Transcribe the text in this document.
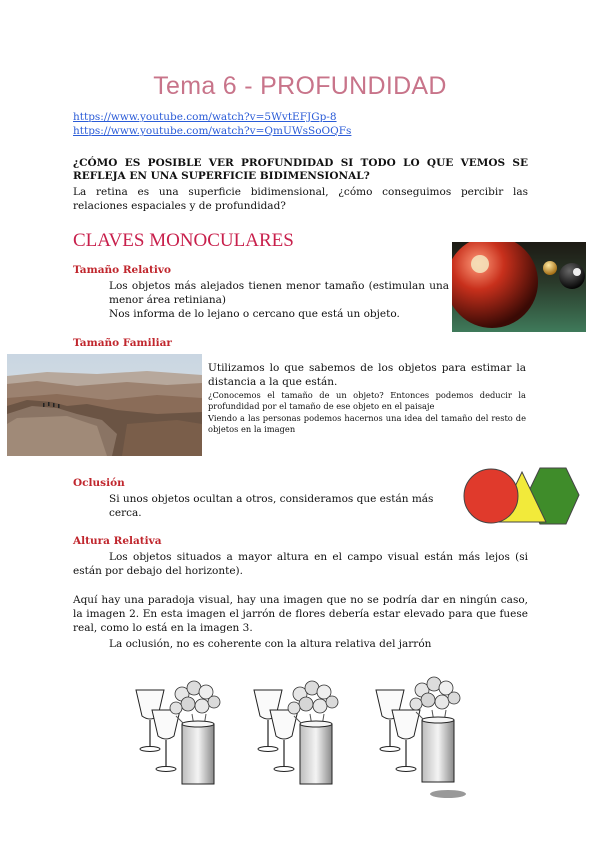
Tema 6 - PROFUNDIDAD
https://www.youtube.com/watch?v=5WvtEFJGp-8
https://www.youtube.com/watch?v=QmUWsSoOQFs
¿CÓMO ES POSIBLE VER PROFUNDIDAD SI TODO LO QUE VEMOS SE REFLEJA EN UNA SUPERFICIE BIDIMENSIONAL?
La retina es una superficie bidimensional, ¿cómo conseguimos percibir las relaciones espaciales y de profundidad?
CLAVES MONOCULARES
Tamaño Relativo
Los objetos más alejados tienen menor tamaño (estimulan una menor área retiniana)
Nos informa de lo lejano o cercano que está un objeto.
Tamaño Familiar
Utilizamos lo que sabemos de los objetos para estimar la distancia a la que están.
¿Conocemos el tamaño de un objeto? Entonces podemos deducir la profundidad por el tamaño de ese objeto en el paisaje
Viendo a las personas podemos hacernos una idea del tamaño del resto de objetos en la imagen
Oclusión
Si unos objetos ocultan a otros, consideramos que están más cerca.
Altura Relativa
Los objetos situados a mayor altura en el campo visual están más lejos (si están por debajo del horizonte).
Aquí hay una paradoja visual, hay una imagen que no se podría dar en ningún caso, la imagen 2. En esta imagen el jarrón de flores debería estar elevado para que fuese real, como lo está en la imagen 3.
La oclusión, no es coherente con la altura relativa del jarrón
